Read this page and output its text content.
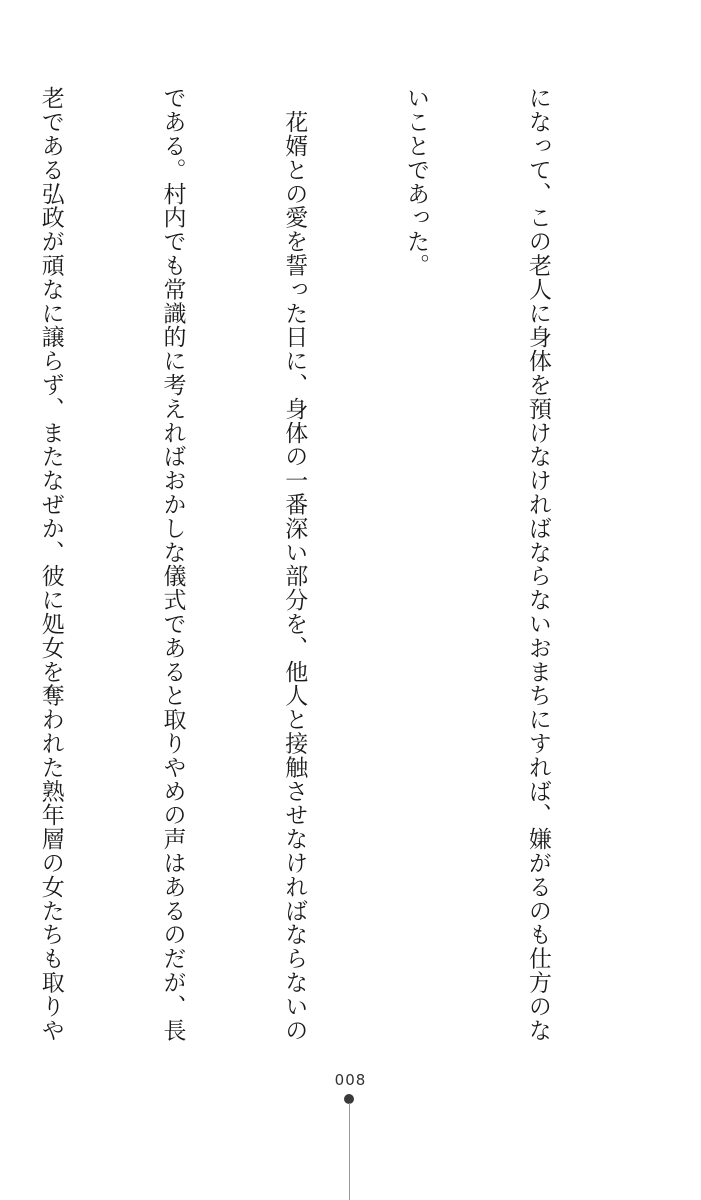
になって、この老人に身体を預けなければならないおまちにすれば、嫌がるのも仕方のな

いことであった。

　花婿との愛を誓った日に、身体の一番深い部分を、他人と接触させなければならないの

である。村内でも常識的に考えればおかしな儀式であると取りやめの声はあるのだが、長

老である弘政が頑なに譲らず、またなぜか、彼に処女を奪われた熟年層の女たちも取りや

008
